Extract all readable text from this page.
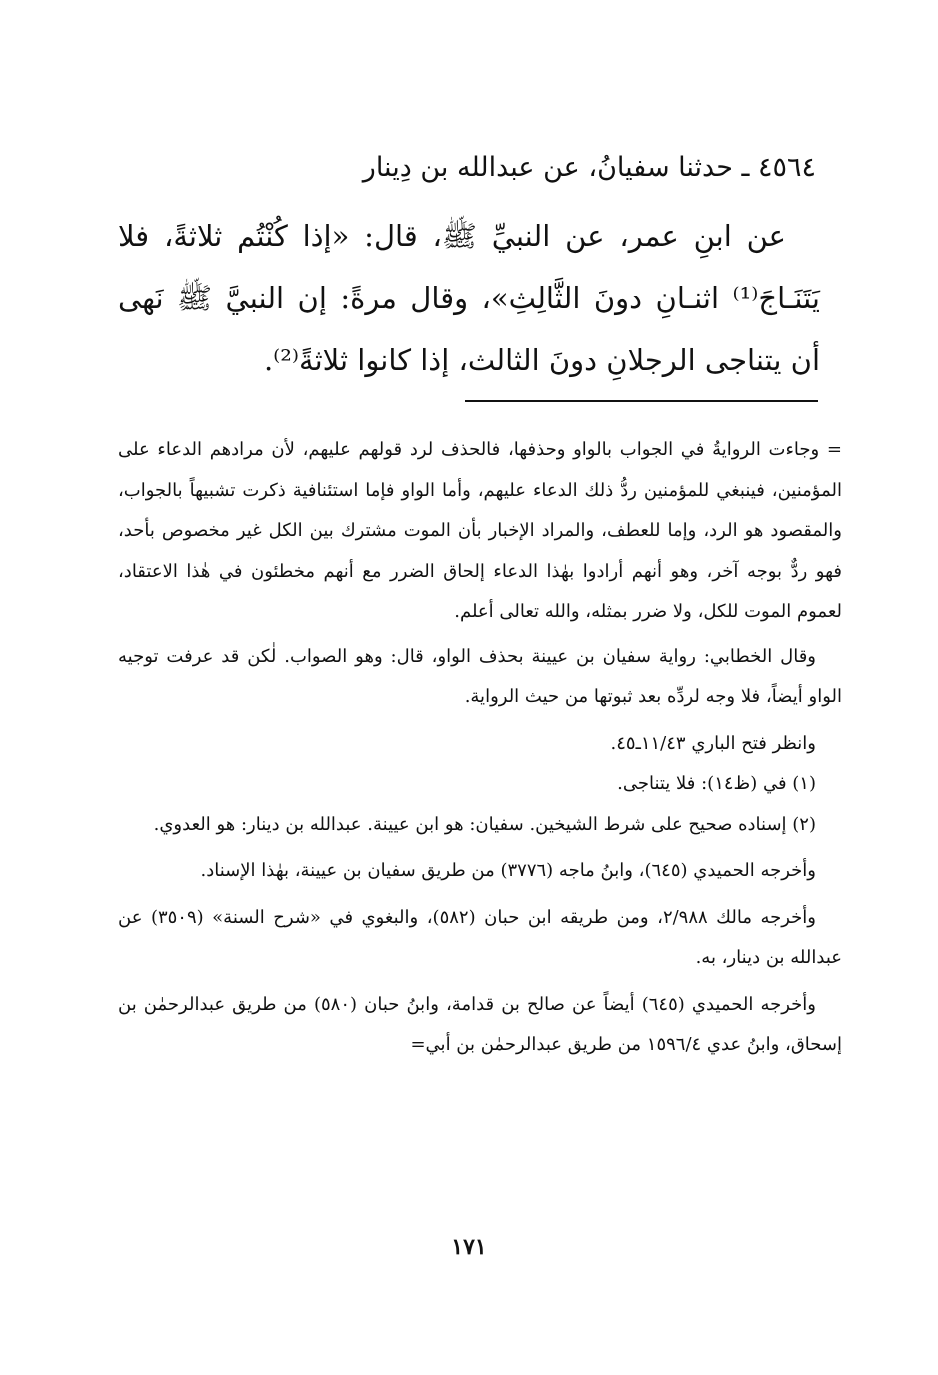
٤٥٦٤ ـ حدثنا سفيانُ، عن عبدالله بن دِينار

عن ابنِ عمر، عن النبيِّ ﷺ، قال: «إذا كُنْتُم ثلاثةً، فلا يَتَنَـاجَ⁽¹⁾ اثنـانِ دونَ الثَّالِثِ»، وقال مرةً: إن النبيَّ ﷺ نَهى أن يتناجى الرجلانِ دونَ الثالث، إذا كانوا ثلاثةً⁽²⁾.

= وجاءت الروايةُ في الجواب بالواو وحذفها، فالحذف لرد قولهم عليهم، لأن مرادهم الدعاء على المؤمنين، فينبغي للمؤمنين ردُّ ذلك الدعاء عليهم، وأما الواو فإما استئنافية ذكرت تشبيهاً بالجواب، والمقصود هو الرد، وإما للعطف، والمراد الإخبار بأن الموت مشترك بين الكل غير مخصوص بأحد، فهو ردٌّ بوجه آخر، وهو أنهم أرادوا بهٰذا الدعاء إلحاق الضرر مع أنهم مخطئون في هٰذا الاعتقاد، لعموم الموت للكل، ولا ضرر بمثله، والله تعالى أعلم.

وقال الخطابي: رواية سفيان بن عيينة بحذف الواو، قال: وهو الصواب. لٰكن قد عرفت توجيه الواو أيضاً، فلا وجه لردِّه بعد ثبوتها من حيث الرواية.

وانظر فتح الباري ١١/٤٣ـ٤٥.

(١) في (ظ١٤): فلا يتناجى.

(٢) إسناده صحيح على شرط الشيخين. سفيان: هو ابن عيينة. عبدالله بن دينار: هو العدوي.

وأخرجه الحميدي (٦٤٥)، وابنُ ماجه (٣٧٧٦) من طريق سفيان بن عيينة، بهٰذا الإسناد.

وأخرجه مالك ٢/٩٨٨، ومن طريقه ابن حبان (٥٨٢)، والبغوي في «شرح السنة» (٣٥٠٩) عن عبدالله بن دينار، به.

وأخرجه الحميدي (٦٤٥) أيضاً عن صالح بن قدامة، وابنُ حبان (٥٨٠) من طريق عبدالرحمٰن بن إسحاق، وابنُ عدي ١٥٩٦/٤ من طريق عبدالرحمٰن بن أبي=

١٧١
